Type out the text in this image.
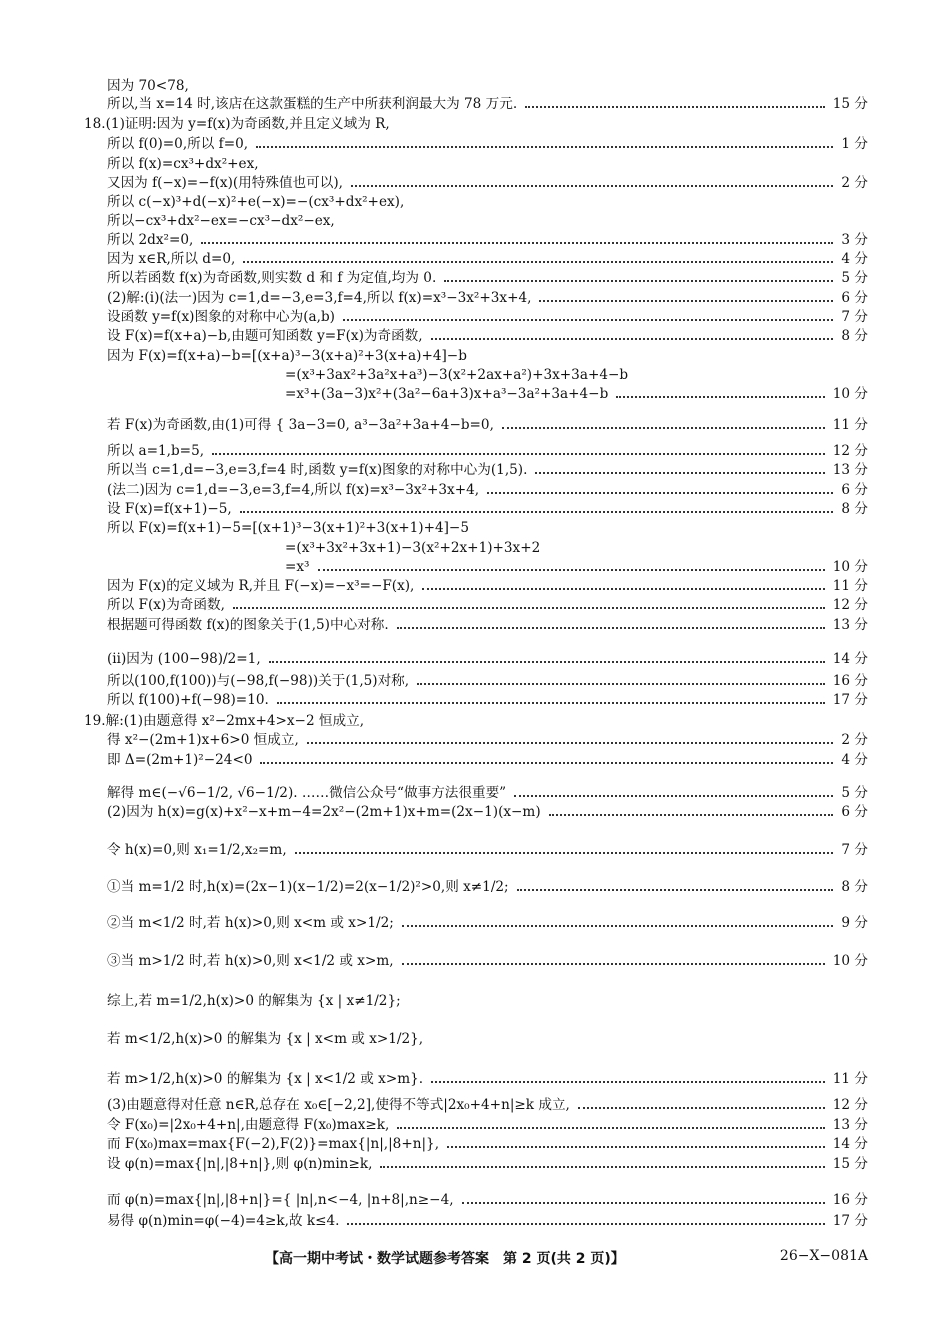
因为 70<78,
所以,当 x=14 时,该店在这款蛋糕的生产中所获利润最大为 78 万元.	15 分
18.(1)证明:因为 y=f(x)为奇函数,并且定义域为 R,
所以 f(0)=0,所以 f=0,	1 分
所以 f(x)=cx³+dx²+ex,
又因为 f(−x)=−f(x)(用特殊值也可以),	2 分
所以 c(−x)³+d(−x)²+e(−x)=−(cx³+dx²+ex),
所以−cx³+dx²−ex=−cx³−dx²−ex,
所以 2dx²=0,	3 分
因为 x∈R,所以 d=0,	4 分
所以若函数 f(x)为奇函数,则实数 d 和 f 为定值,均为 0.	5 分
(2)解:(ⅰ)(法一)因为 c=1,d=−3,e=3,f=4,所以 f(x)=x³−3x²+3x+4,	6 分
设函数 y=f(x)图象的对称中心为(a,b)	7 分
设 F(x)=f(x+a)−b,由题可知函数 y=F(x)为奇函数,	8 分
因为 F(x)=f(x+a)−b=[(x+a)³−3(x+a)²+3(x+a)+4]−b
=(x³+3ax²+3a²x+a³)−3(x²+2ax+a²)+3x+3a+4−b
=x³+(3a−3)x²+(3a²−6a+3)x+a³−3a²+3a+4−b	10 分
若 F(x)为奇函数,由(1)可得 { 3a−3=0, a³−3a²+3a+4−b=0,	11 分
所以 a=1,b=5,	12 分
所以当 c=1,d=−3,e=3,f=4 时,函数 y=f(x)图象的对称中心为(1,5).	13 分
(法二)因为 c=1,d=−3,e=3,f=4,所以 f(x)=x³−3x²+3x+4,	6 分
设 F(x)=f(x+1)−5,	8 分
所以 F(x)=f(x+1)−5=[(x+1)³−3(x+1)²+3(x+1)+4]−5
=(x³+3x²+3x+1)−3(x²+2x+1)+3x+2
=x³	10 分
因为 F(x)的定义域为 R,并且 F(−x)=−x³=−F(x),	11 分
所以 F(x)为奇函数,	12 分
根据题可得函数 f(x)的图象关于(1,5)中心对称.	13 分
(ⅱ)因为 (100−98)/2=1,	14 分
所以(100,f(100))与(−98,f(−98))关于(1,5)对称,	16 分
所以 f(100)+f(−98)=10.	17 分
19.解:(1)由题意得 x²−2mx+4>x−2 恒成立,
得 x²−(2m+1)x+6>0 恒成立,	2 分
即 Δ=(2m+1)²−24<0	4 分
解得 m∈(−√6−1/2, √6−1/2). ……微信公众号“做事方法很重要”	5 分
(2)因为 h(x)=g(x)+x²−x+m−4=2x²−(2m+1)x+m=(2x−1)(x−m)	6 分
令 h(x)=0,则 x₁=1/2,x₂=m,	7 分
①当 m=1/2 时,h(x)=(2x−1)(x−1/2)=2(x−1/2)²>0,则 x≠1/2;	8 分
②当 m<1/2 时,若 h(x)>0,则 x<m 或 x>1/2;	9 分
③当 m>1/2 时,若 h(x)>0,则 x<1/2 或 x>m,	10 分
综上,若 m=1/2,h(x)>0 的解集为 {x | x≠1/2};
若 m<1/2,h(x)>0 的解集为 {x | x<m 或 x>1/2},
若 m>1/2,h(x)>0 的解集为 {x | x<1/2 或 x>m}.	11 分
(3)由题意得对任意 n∈R,总存在 x₀∈[−2,2],使得不等式|2x₀+4+n|≥k 成立,	12 分
令 F(x₀)=|2x₀+4+n|,由题意得 F(x₀)max≥k,	13 分
而 F(x₀)max=max{F(−2),F(2)}=max{|n|,|8+n|},	14 分
设 φ(n)=max{|n|,|8+n|},则 φ(n)min≥k,	15 分
而 φ(n)=max{|n|,|8+n|}={ |n|,n<−4, |n+8|,n≥−4,	16 分
易得 φ(n)min=φ(−4)=4≥k,故 k≤4.	17 分
【高一期中考试・数学试题参考答案　第 2 页(共 2 页)】	26−X−081A
